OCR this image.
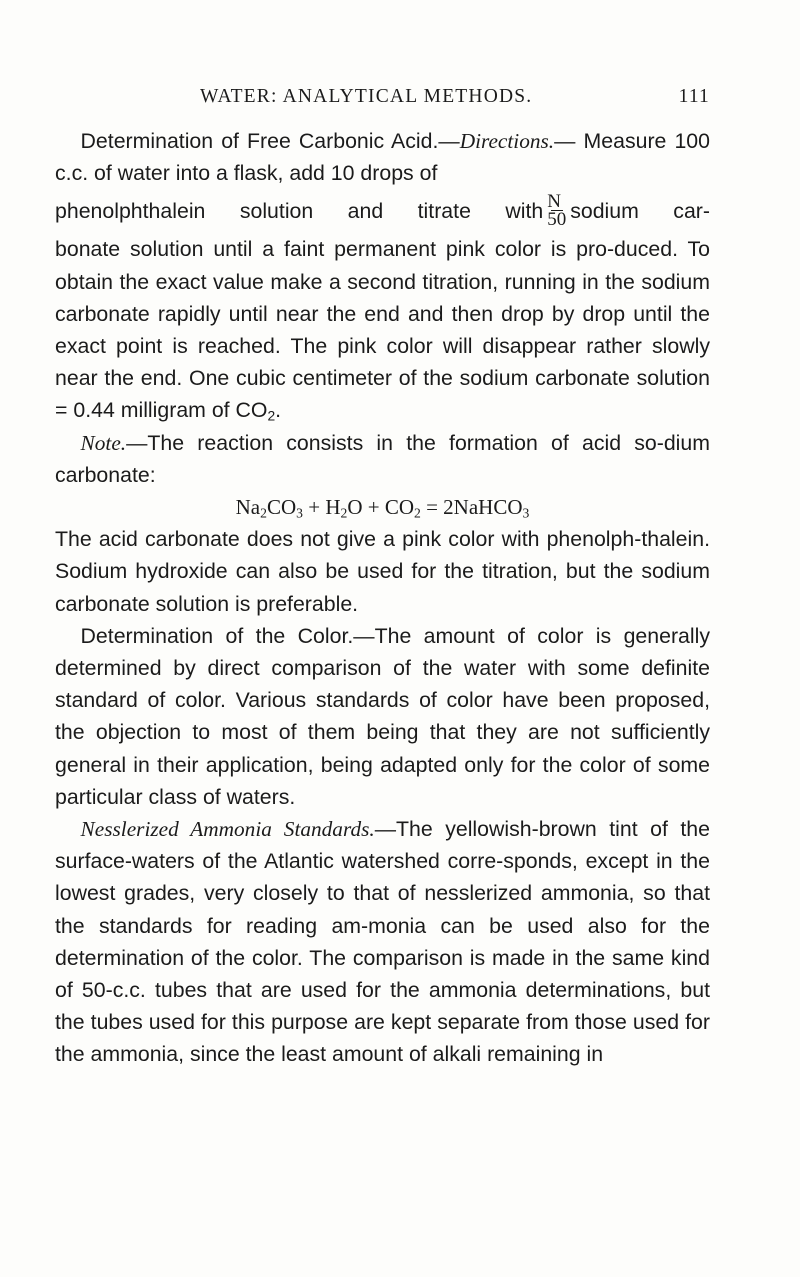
WATER: ANALYTICAL METHODS.	111

Determination of Free Carbonic Acid.—Directions.— Measure 100 c.c. of water into a flask, add 10 drops of

phenolphthalein solution and titrate with $\frac{N}{50}$ sodium car-

bonate solution until a faint permanent pink color is pro-duced. To obtain the exact value make a second titration, running in the sodium carbonate rapidly until near the end and then drop by drop until the exact point is reached. The pink color will disappear rather slowly near the end. One cubic centimeter of the sodium carbonate solution = 0.44 milligram of $CO_2$.

Note.—The reaction consists in the formation of acid so-dium carbonate:

$Na_2CO_3 + H_2O + CO_2$ = 2NaHCO$_3$

The acid carbonate does not give a pink color with phenolph-thalein. Sodium hydroxide can also be used for the titration, but the sodium carbonate solution is preferable.

Determination of the Color.—The amount of color is generally determined by direct comparison of the water with some definite standard of color. Various standards of color have been proposed, the objection to most of them being that they are not sufficiently general in their application, being adapted only for the color of some particular class of waters.

Nesslerized Ammonia Standards.—The yellowish-brown tint of the surface-waters of the Atlantic watershed corre-sponds, except in the lowest grades, very closely to that of nesslerized ammonia, so that the standards for reading am-monia can be used also for the determination of the color. The comparison is made in the same kind of 50-c.c. tubes that are used for the ammonia determinations, but the tubes used for this purpose are kept separate from those used for the ammonia, since the least amount of alkali remaining in
